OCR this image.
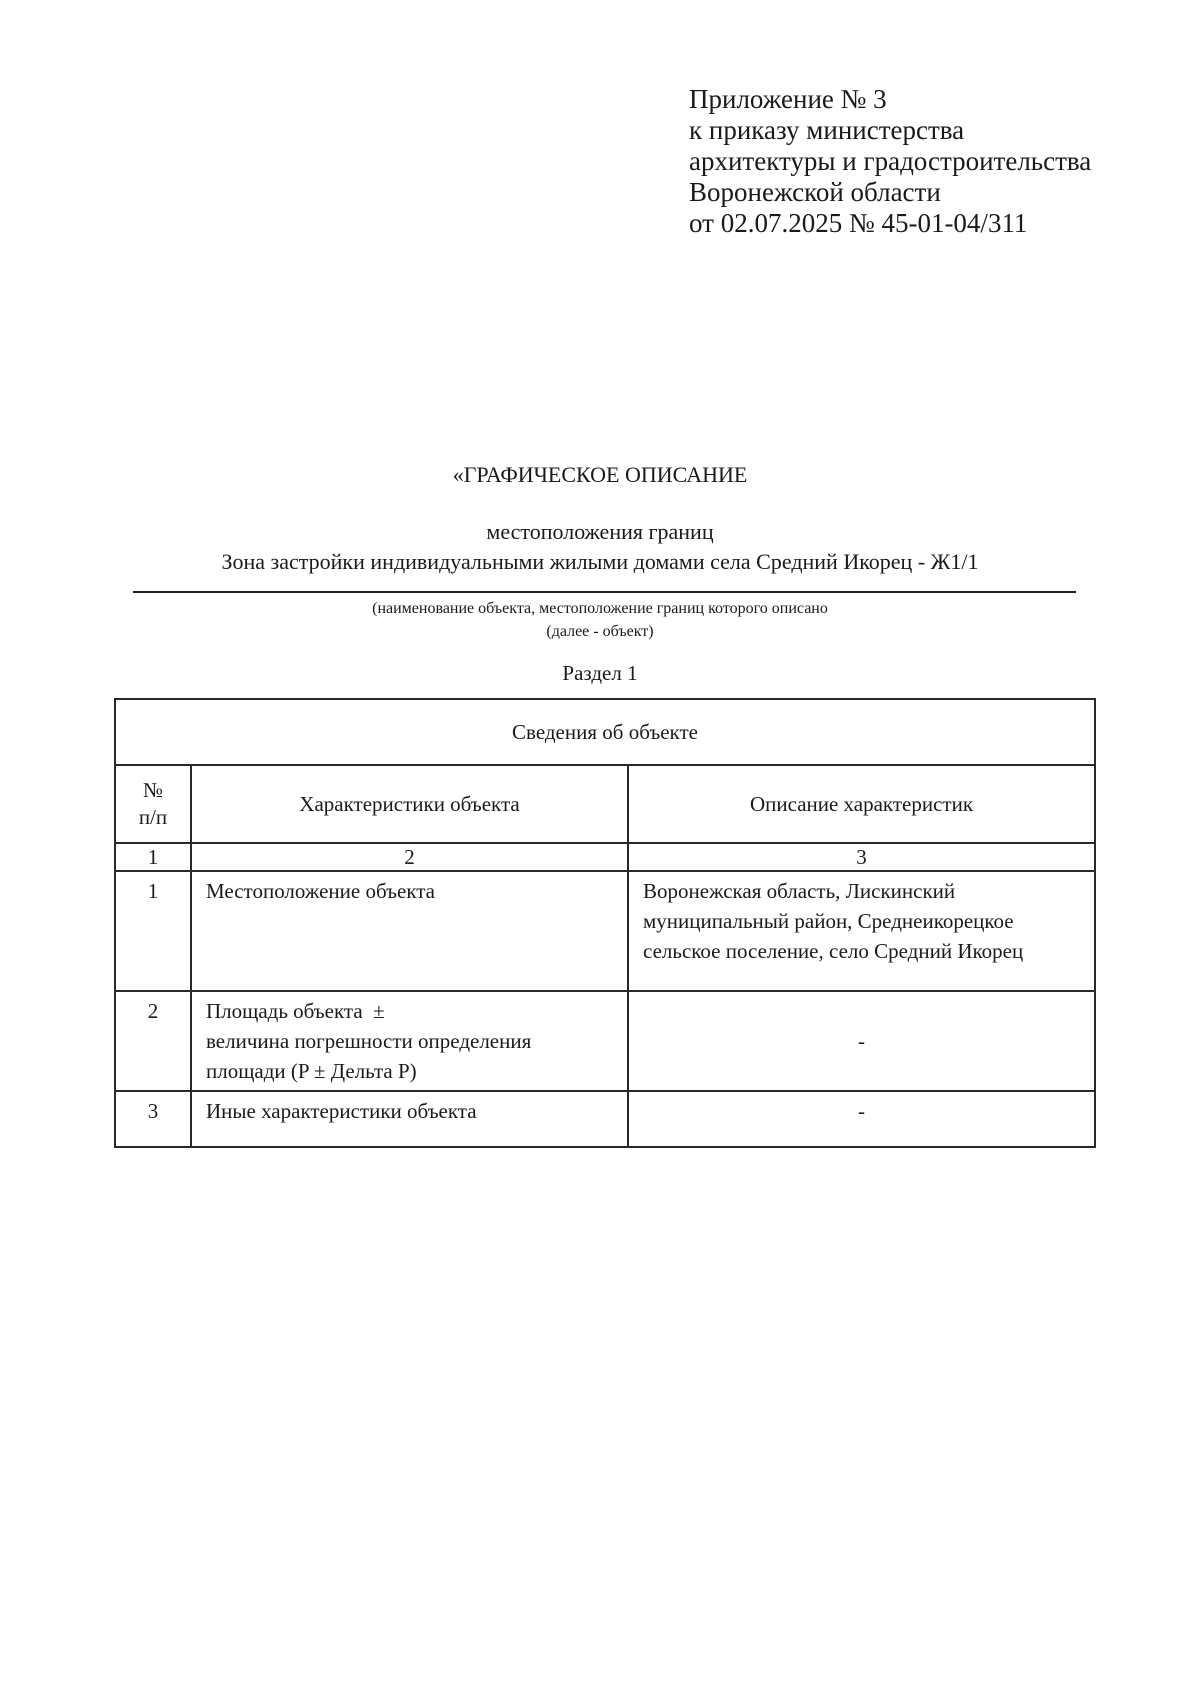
Приложение № 3
к приказу министерства
архитектуры и градостроительства
Воронежской области
от 02.07.2025 № 45-01-04/311
«ГРАФИЧЕСКОЕ ОПИСАНИЕ
местоположения границ
Зона застройки индивидуальными жилыми домами села Средний Икорец - Ж1/1
(наименование объекта, местоположение границ которого описано
(далее - объект)
Раздел 1
Сведения об объекте		

№
п/п	Характеристики объекта	Описание характеристик
1	2	3
1	Местоположение объекта	Воронежская область, Лискинский муниципальный район, Среднеикорецкое сельское поселение, село Средний Икорец
2	Площадь объекта  ±
величина погрешности определения
площади (P ± Дельта P)	-
3	Иные характеристики объекта	-
